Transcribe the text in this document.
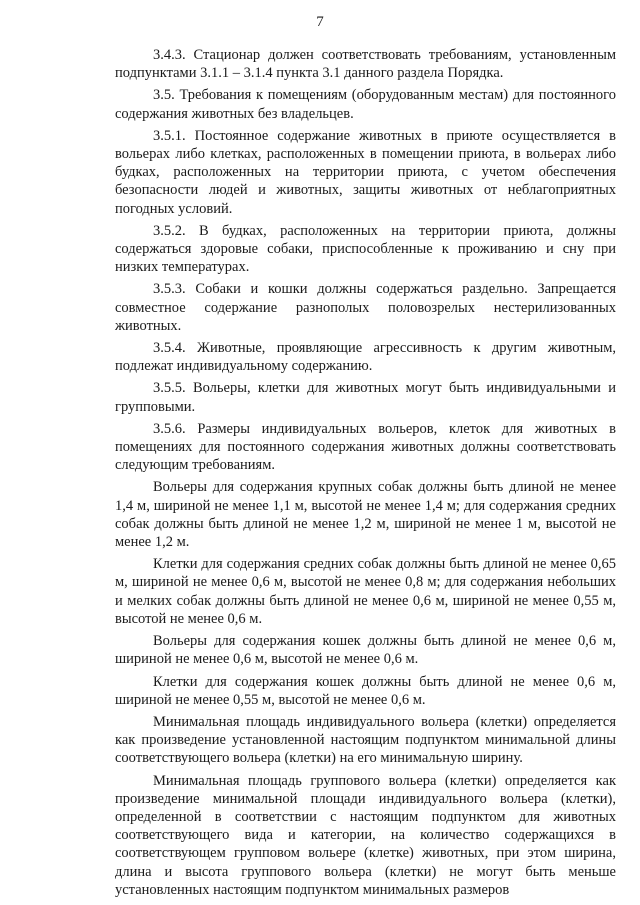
7

3.4.3. Стационар должен соответствовать требованиям, установленным подпунктами 3.1.1 – 3.1.4 пункта 3.1 данного раздела Порядка.

3.5. Требования к помещениям (оборудованным местам) для постоянного содержания животных без владельцев.

3.5.1. Постоянное содержание животных в приюте осуществляется в вольерах либо клетках, расположенных в помещении приюта, в вольерах либо будках, расположенных на территории приюта, с учетом обеспечения безопасности людей и животных, защиты животных от неблагоприятных погодных условий.

3.5.2. В будках, расположенных на территории приюта, должны содержаться здоровые собаки, приспособленные к проживанию и сну при низких температурах.

3.5.3. Собаки и кошки должны содержаться раздельно. Запрещается совместное содержание разнополых половозрелых нестерилизованных животных.

3.5.4. Животные, проявляющие агрессивность к другим животным, подлежат индивидуальному содержанию.

3.5.5. Вольеры, клетки для животных могут быть индивидуальными и групповыми.

3.5.6. Размеры индивидуальных вольеров, клеток для животных в помещениях для постоянного содержания животных должны соответствовать следующим требованиям.

Вольеры для содержания крупных собак должны быть длиной не менее 1,4 м, шириной не менее 1,1 м, высотой не менее 1,4 м; для содержания средних собак должны быть длиной не менее 1,2 м, шириной не менее 1 м, высотой не менее 1,2 м.

Клетки для содержания средних собак должны быть длиной не менее 0,65 м, шириной не менее 0,6 м, высотой не менее 0,8 м; для содержания небольших и мелких собак должны быть длиной не менее 0,6 м, шириной не менее 0,55 м, высотой не менее 0,6 м.

Вольеры для содержания кошек должны быть длиной не менее 0,6 м, шириной не менее 0,6 м, высотой не менее 0,6 м.

Клетки для содержания кошек должны быть длиной не менее 0,6 м, шириной не менее 0,55 м, высотой не менее 0,6 м.

Минимальная площадь индивидуального вольера (клетки) определяется как произведение установленной настоящим подпунктом минимальной длины соответствующего вольера (клетки) на его минимальную ширину.

Минимальная площадь группового вольера (клетки) определяется как произведение минимальной площади индивидуального вольера (клетки), определенной в соответствии с настоящим подпунктом для животных соответствующего вида и категории, на количество содержащихся в соответствующем групповом вольере (клетке) животных, при этом ширина, длина и высота группового вольера (клетки) не могут быть меньше установленных настоящим подпунктом минимальных размеров
